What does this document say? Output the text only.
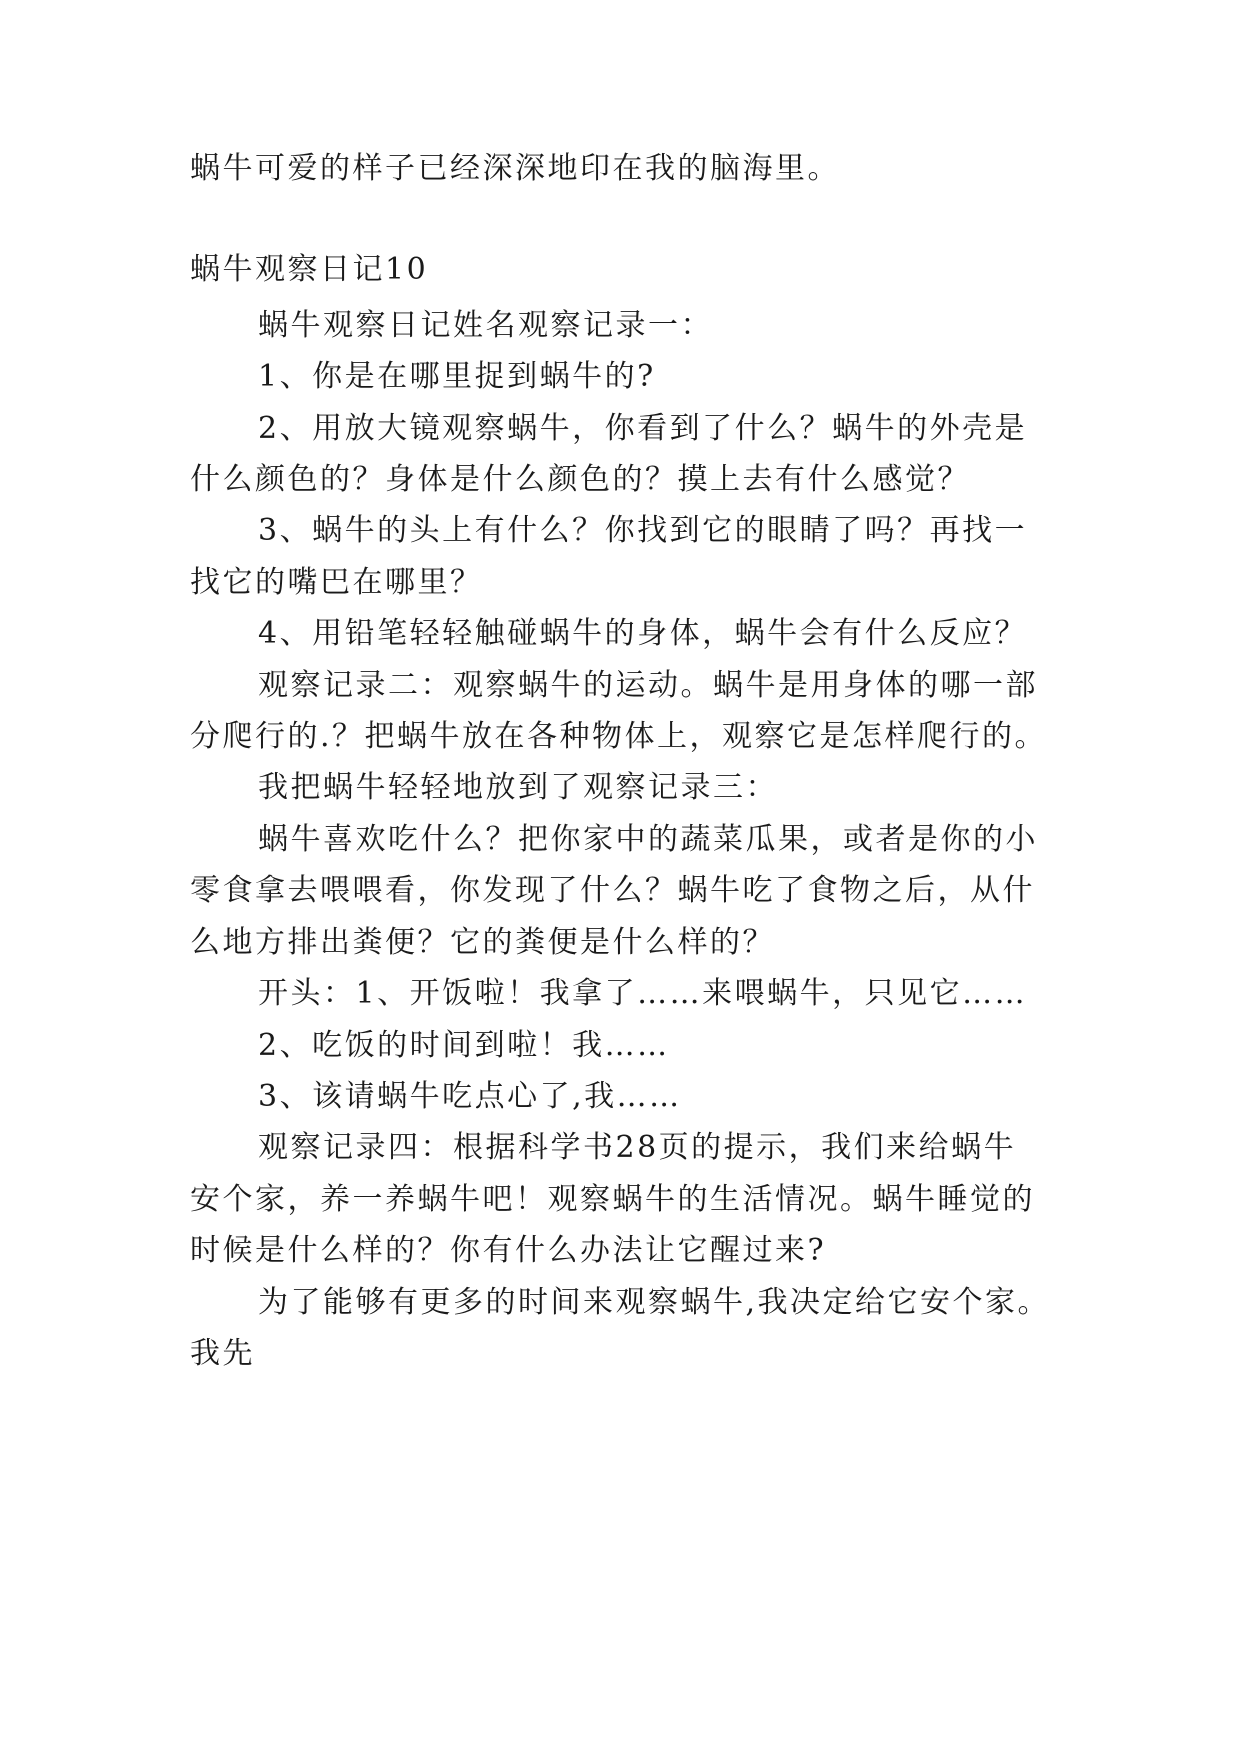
蜗牛可爱的样子已经深深地印在我的脑海里。
蜗牛观察日记10
蜗牛观察日记姓名观察记录一：
1、你是在哪里捉到蜗牛的?
2、用放大镜观察蜗牛，你看到了什么？蜗牛的外壳是
什么颜色的？身体是什么颜色的？摸上去有什么感觉？
3、蜗牛的头上有什么？你找到它的眼睛了吗？再找一
找它的嘴巴在哪里？
4、用铅笔轻轻触碰蜗牛的身体，蜗牛会有什么反应？
观察记录二：观察蜗牛的运动。蜗牛是用身体的哪一部
分爬行的.？把蜗牛放在各种物体上，观察它是怎样爬行的。
我把蜗牛轻轻地放到了观察记录三：
蜗牛喜欢吃什么？把你家中的蔬菜瓜果，或者是你的小
零食拿去喂喂看，你发现了什么？蜗牛吃了食物之后，从什
么地方排出粪便？它的粪便是什么样的？
开头：1、开饭啦！我拿了……来喂蜗牛，只见它……
2、吃饭的时间到啦！我……
3、该请蜗牛吃点心了,我……
观察记录四：根据科学书28页的提示，我们来给蜗牛
安个家，养一养蜗牛吧！观察蜗牛的生活情况。蜗牛睡觉的
时候是什么样的？你有什么办法让它醒过来?
为了能够有更多的时间来观察蜗牛,我决定给它安个家。
我先
